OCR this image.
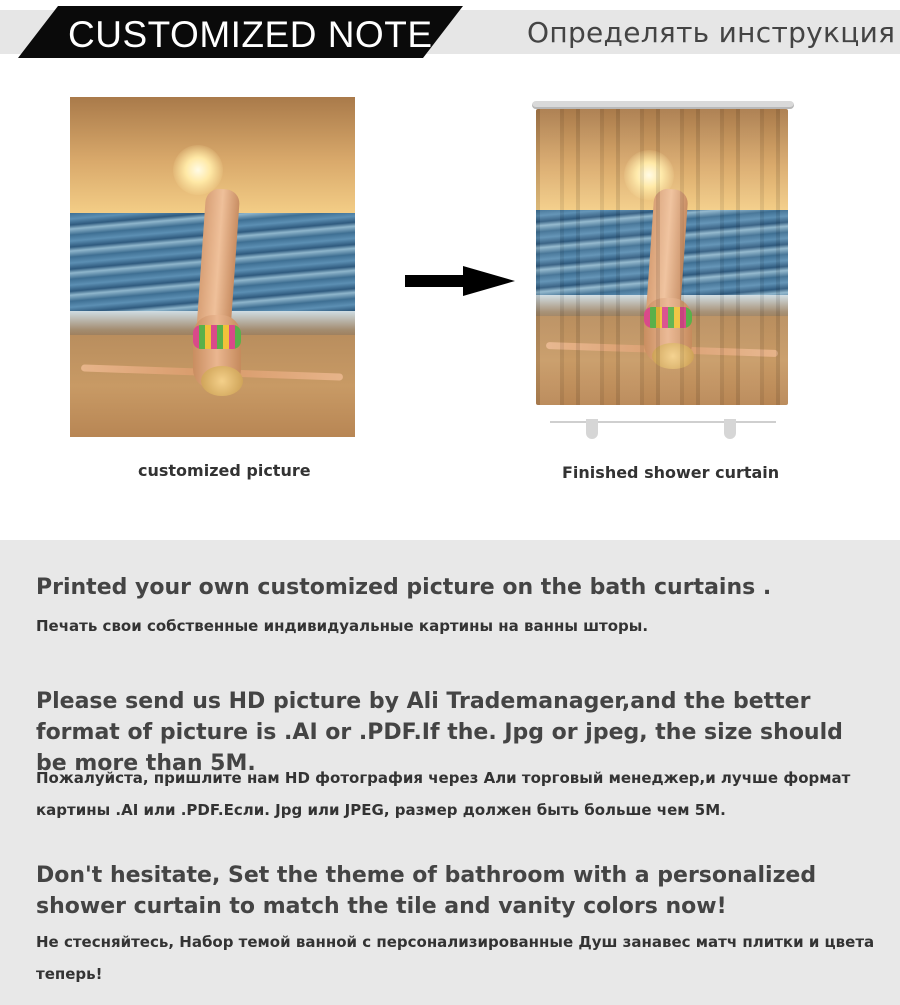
CUSTOMIZED NOTE	Определять инструкция
customized picture	Finished shower curtain
Printed your own customized picture on the bath curtains .
Печать свои собственные индивидуальные картины на ванны шторы.
Please send us HD picture by Ali Trademanager,and the better format of picture is .AI or .PDF.If the. Jpg or jpeg, the size should be more than 5M.
Пожалуйста, пришлите нам HD фотография через Али торговый менеджер,и лучше формат картины .AI или .PDF.Если. Jpg или JPEG, размер должен быть больше чем 5M.
Don't hesitate, Set the theme of bathroom with a personalized shower curtain to match the tile and vanity colors now!
Не стесняйтесь, Набор темой ванной с персонализированные Душ занавес матч плитки и цвета теперь!
